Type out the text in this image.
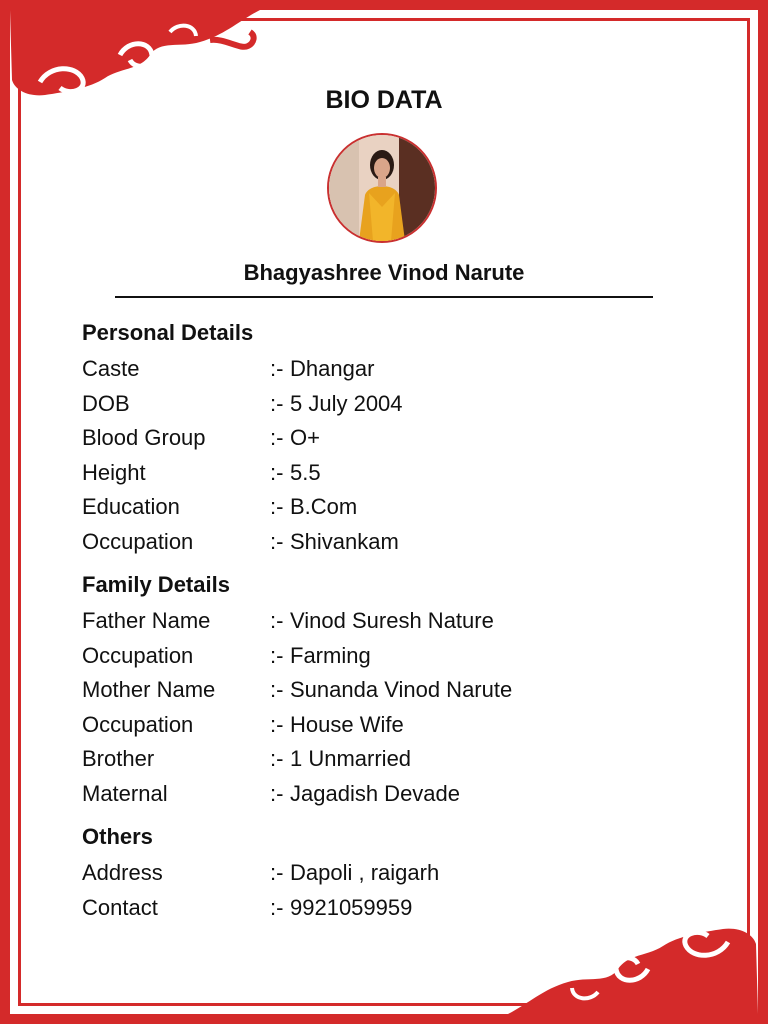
BIO DATA
Bhagyashree Vinod Narute
Personal Details
Caste	:- Dhangar
DOB	:- 5 July 2004
Blood Group	:- O+
Height	:- 5.5
Education	:- B.Com
Occupation	:- Shivankam
Family Details
Father Name	:- Vinod Suresh Nature
Occupation	:- Farming
Mother Name :- Sunanda Vinod Narute
Occupation	:- House Wife
Brother	:- 1 Unmarried
Maternal	:- Jagadish Devade
Others
Address	:- Dapoli , raigarh
Contact	:- 9921059959
